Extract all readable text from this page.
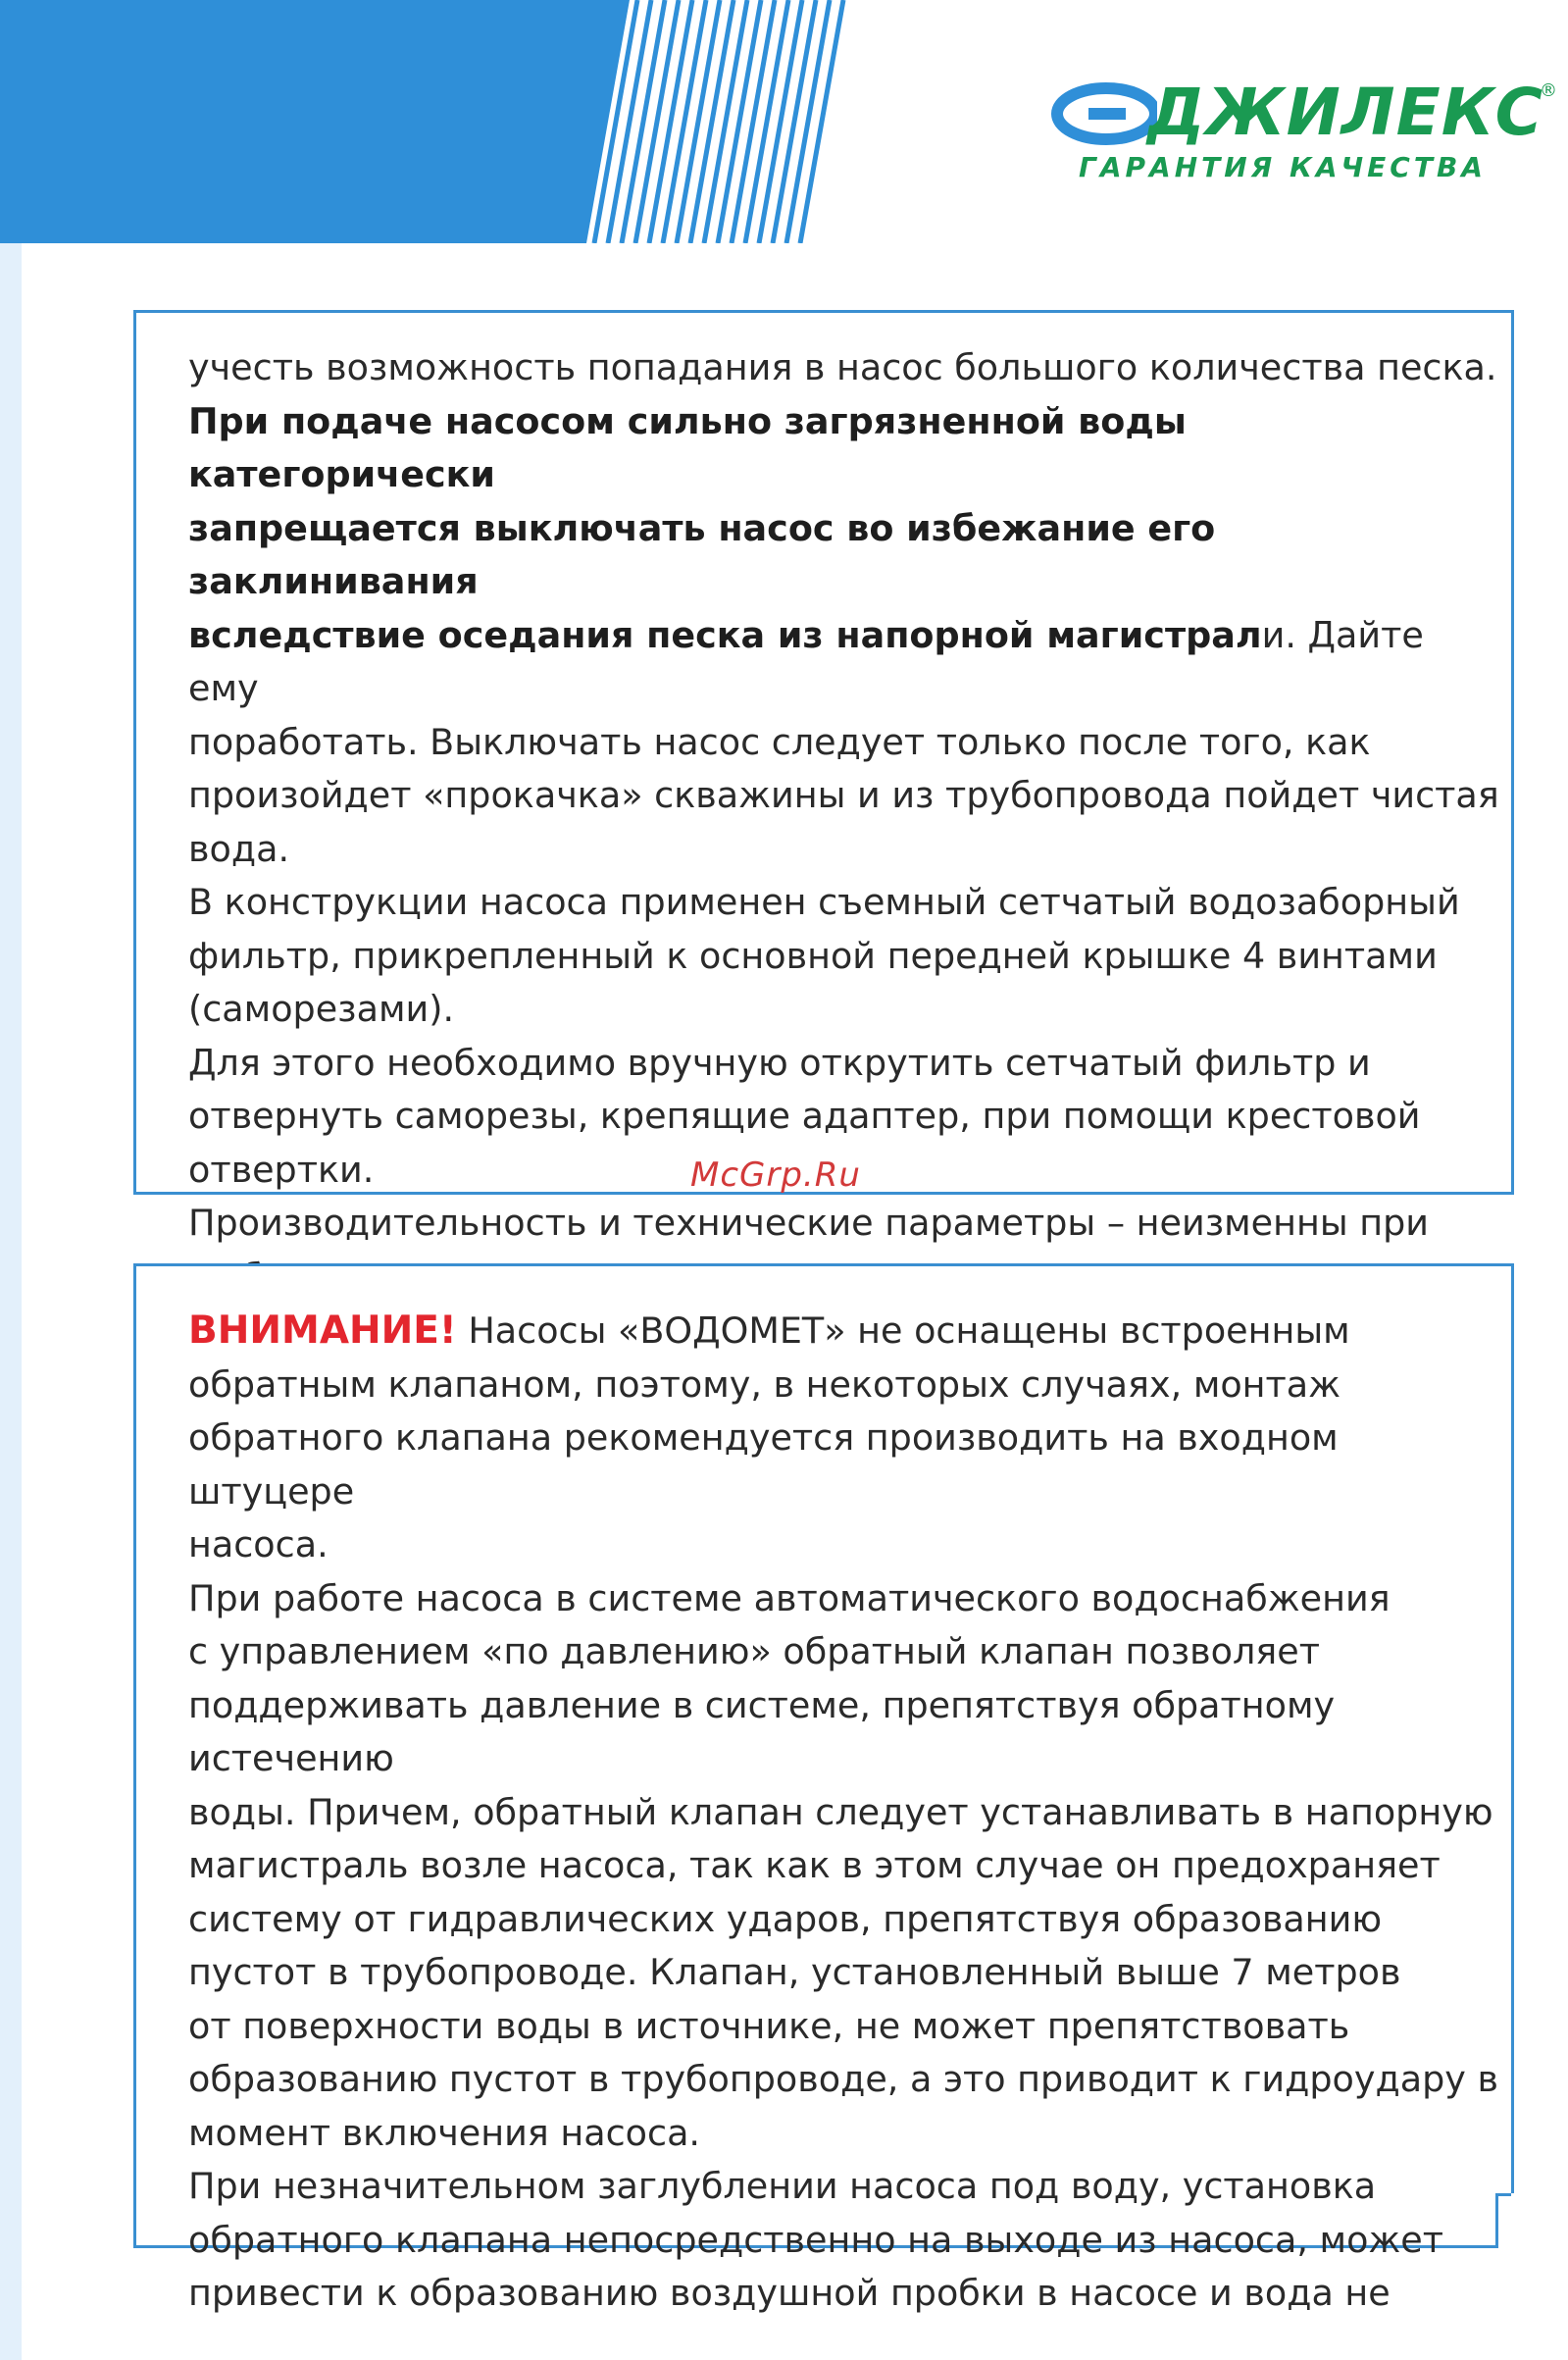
ДЖИЛЕКС
®
ГАРАНТИЯ КАЧЕСТВА

учесть возможность попадания в насос большого количества песка.

При подаче насосом сильно загрязненной воды категорически

запрещается выключать насос во избежание его заклинивания

вследствие оседания песка из напорной магистрали. Дайте ему

поработать. Выключать насос следует только после того, как

произойдет «прокачка» скважины и из трубопровода пойдет чистая

вода.

В конструкции насоса применен съемный сетчатый водозаборный

фильтр, прикрепленный к основной передней крышке 4 винтами

(саморезами).

Для этого необходимо вручную открутить сетчатый фильтр и

отвернуть саморезы, крепящие адаптер, при помощи крестовой

отвертки.

Производительность и технические параметры – неизменны при

McGrp.Ru

ВНИМАНИЕ! Насосы «ВОДОМЕТ» не оснащены встроенным

обратным клапаном, поэтому, в некоторых случаях, монтаж

обратного клапана рекомендуется производить на входном штуцере

насоса.

При работе насоса в системе автоматического водоснабжения

с управлением «по давлению» обратный клапан позволяет

поддерживать давление в системе, препятствуя обратному истечению

воды. Причем, обратный клапан следует устанавливать в напорную

магистраль возле насоса, так как в этом случае он предохраняет

систему от гидравлических ударов, препятствуя образованию

пустот в трубопроводе. Клапан, установленный выше 7 метров

от поверхности воды в источнике, не может препятствовать

образованию пустот в трубопроводе, а это приводит к гидроудару в

момент включения насоса.

При незначительном заглублении насоса под воду, установка

обратного клапана непосредственно на выходе из насоса, может

привести к образованию воздушной пробки в насосе и вода не
